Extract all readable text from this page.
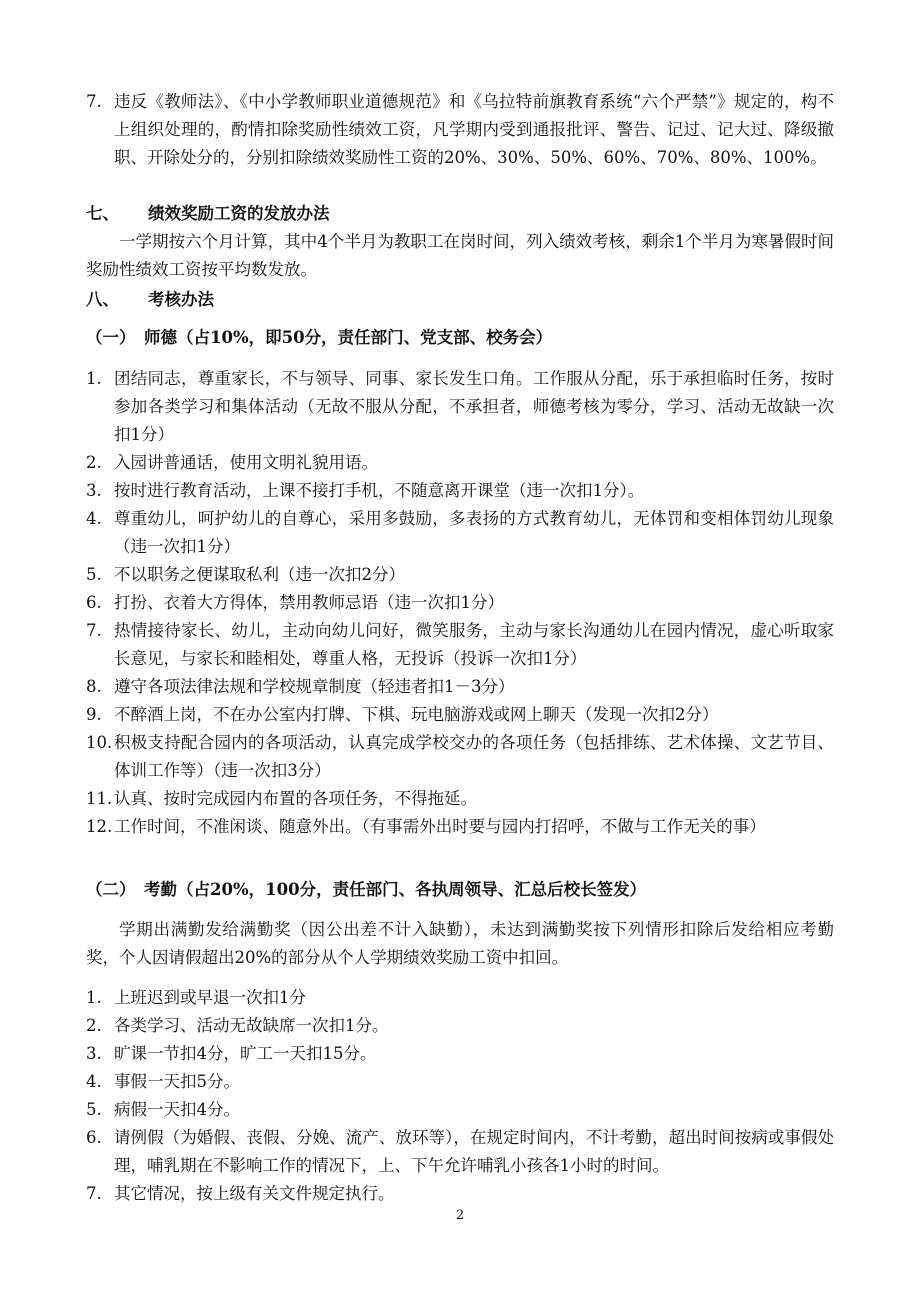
7. 违反《教师法》、《中小学教师职业道德规范》和《乌拉特前旗教育系统“六个严禁”》规定的，构不上组织处理的，酌情扣除奖励性绩效工资，凡学期内受到通报批评、警告、记过、记大过、降级撤职、开除处分的，分别扣除绩效奖励性工资的20%、30%、50%、60%、70%、80%、100%。
七、 绩效奖励工资的发放办法
一学期按六个月计算，其中4个半月为教职工在岗时间，列入绩效考核，剩余1个半月为寒暑假时间奖励性绩效工资按平均数发放。
八、 考核办法
（一） 师德（占10%，即50分，责任部门、党支部、校务会）
1. 团结同志，尊重家长，不与领导、同事、家长发生口角。工作服从分配，乐于承担临时任务，按时参加各类学习和集体活动（无故不服从分配，不承担者，师德考核为零分，学习、活动无故缺一次扣1分）
2. 入园讲普通话，使用文明礼貌用语。
3. 按时进行教育活动，上课不接打手机，不随意离开课堂（违一次扣1分）。
4. 尊重幼儿，呵护幼儿的自尊心，采用多鼓励，多表扬的方式教育幼儿，无体罚和变相体罚幼儿现象（违一次扣1分）
5. 不以职务之便谋取私利（违一次扣2分）
6. 打扮、衣着大方得体，禁用教师忌语（违一次扣1分）
7. 热情接待家长、幼儿，主动向幼儿问好，微笑服务，主动与家长沟通幼儿在园内情况，虚心听取家长意见，与家长和睦相处，尊重人格，无投诉（投诉一次扣1分）
8. 遵守各项法律法规和学校规章制度（轻违者扣1－3分）
9. 不醉酒上岗，不在办公室内打牌、下棋、玩电脑游戏或网上聊天（发现一次扣2分）
10. 积极支持配合园内的各项活动，认真完成学校交办的各项任务（包括排练、艺术体操、文艺节目、体训工作等）（违一次扣3分）
11. 认真、按时完成园内布置的各项任务，不得拖延。
12. 工作时间，不准闲谈、随意外出。（有事需外出时要与园内打招呼，不做与工作无关的事）
（二） 考勤（占20%，100分，责任部门、各执周领导、汇总后校长签发）
学期出满勤发给满勤奖（因公出差不计入缺勤），未达到满勤奖按下列情形扣除后发给相应考勤奖，个人因请假超出20%的部分从个人学期绩效奖励工资中扣回。
1. 上班迟到或早退一次扣1分
2. 各类学习、活动无故缺席一次扣1分。
3. 旷课一节扣4分，旷工一天扣15分。
4. 事假一天扣5分。
5. 病假一天扣4分。
6. 请例假（为婚假、丧假、分娩、流产、放环等），在规定时间内，不计考勤，超出时间按病或事假处理，哺乳期在不影响工作的情况下，上、下午允许哺乳小孩各1小时的时间。
7. 其它情况，按上级有关文件规定执行。
2
